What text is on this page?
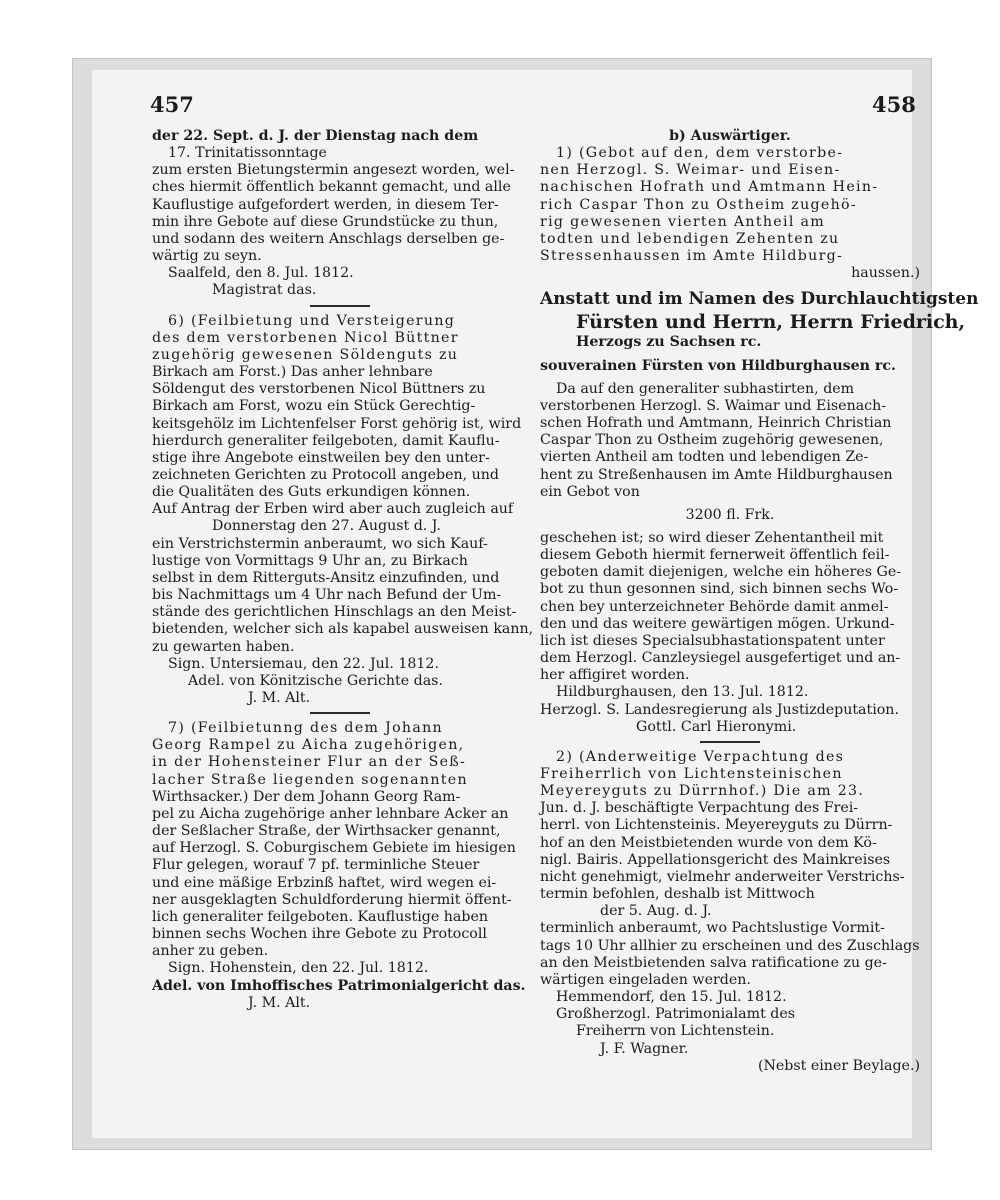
457	458

der 22. Sept. d. J. der Dienstag nach dem

17. Trinitatissonntage

zum ersten Bietungstermin angesezt worden, wel-

ches hiermit öffentlich bekannt gemacht, und alle

Kauflustige aufgefordert werden, in diesem Ter-

min ihre Gebote auf diese Grundstücke zu thun,

und sodann des weitern Anschlags derselben ge-

wärtig zu seyn.

Saalfeld, den 8. Jul. 1812.

Magistrat das.

6) (Feilbietung und Versteigerung

des dem verstorbenen Nicol Büttner

zugehörig gewesenen Söldenguts zu

Birkach am Forst.) Das anher lehnbare

Söldengut des verstorbenen Nicol Büttners zu

Birkach am Forst, wozu ein Stück Gerechtig-

keitsgehölz im Lichtenfelser Forst gehörig ist, wird

hierdurch generaliter feilgeboten, damit Kauflu-

stige ihre Angebote einstweilen bey den unter-

zeichneten Gerichten zu Protocoll angeben, und

die Qualitäten des Guts erkundigen können.

Auf Antrag der Erben wird aber auch zugleich auf

Donnerstag den 27. August d. J.

ein Verstrichstermin anberaumt, wo sich Kauf-

lustige von Vormittags 9 Uhr an, zu Birkach

selbst in dem Ritterguts-Ansitz einzufinden, und

bis Nachmittags um 4 Uhr nach Befund der Um-

stände des gerichtlichen Hinschlags an den Meist-

bietenden, welcher sich als kapabel ausweisen kann,

zu gewarten haben.

Sign. Untersiemau, den 22. Jul. 1812.

Adel. von Könitzische Gerichte das.

J. M. Alt.

7) (Feilbietunng des dem Johann

Georg Rampel zu Aicha zugehörigen,

in der Hohensteiner Flur an der Seß-

lacher Straße liegenden sogenannten

Wirthsacker.) Der dem Johann Georg Ram-

pel zu Aicha zugehörige anher lehnbare Acker an

der Seßlacher Straße, der Wirthsacker genannt,

auf Herzogl. S. Coburgischem Gebiete im hiesigen

Flur gelegen, worauf 7 pf. terminliche Steuer

und eine mäßige Erbzinß haftet, wird wegen ei-

ner ausgeklagten Schuldforderung hiermit öffent-

lich generaliter feilgeboten. Kauflustige haben

binnen sechs Wochen ihre Gebote zu Protocoll

anher zu geben.

Sign. Hohenstein, den 22. Jul. 1812.

Adel. von Imhoffisches Patrimonialgericht das.

J. M. Alt.

b) Auswärtiger.

1) (Gebot auf den, dem verstorbe-

nen Herzogl. S. Weimar- und Eisen-

nachischen Hofrath und Amtmann Hein-

rich Caspar Thon zu Ostheim zugehö-

rig gewesenen vierten Antheil am

todten und lebendigen Zehenten zu

Stressenhaussen im Amte Hildburg-

haussen.)

Anstatt und im Namen des Durchlauchtigsten

Fürsten und Herrn, Herrn Friedrich,

Herzogs zu Sachsen rc.

souverainen Fürsten von Hildburghausen rc.

Da auf den generaliter subhastirten, dem

verstorbenen Herzogl. S. Waimar und Eisenach-

schen Hofrath und Amtmann, Heinrich Christian

Caspar Thon zu Ostheim zugehörig gewesenen,

vierten Antheil am todten und lebendigen Ze-

hent zu Streßenhausen im Amte Hildburghausen

ein Gebot von

3200 fl. Frk.

geschehen ist; so wird dieser Zehentantheil mit

diesem Geboth hiermit fernerweit öffentlich feil-

geboten damit diejenigen, welche ein höheres Ge-

bot zu thun gesonnen sind, sich binnen sechs Wo-

chen bey unterzeichneter Behörde damit anmel-

den und das weitere gewärtigen mögen. Urkund-

lich ist dieses Specialsubhastationspatent unter

dem Herzogl. Canzleysiegel ausgefertiget und an-

her affigiret worden.

Hildburghausen, den 13. Jul. 1812.

Herzogl. S. Landesregierung als Justizdeputation.

Gottl. Carl Hieronymi.

2) (Anderweitige Verpachtung des

Freiherrlich von Lichtensteinischen

Meyereyguts zu Dürrnhof.) Die am 23.

Jun. d. J. beschäftigte Verpachtung des Frei-

herrl. von Lichtensteinis. Meyereyguts zu Dürrn-

hof an den Meistbietenden wurde von dem Kö-

nigl. Bairis. Appellationsgericht des Mainkreises

nicht genehmigt, vielmehr anderweiter Verstrichs-

termin befohlen, deshalb ist Mittwoch

der 5. Aug. d. J.

terminlich anberaumt, wo Pachtslustige Vormit-

tags 10 Uhr allhier zu erscheinen und des Zuschlags

an den Meistbietenden salva ratificatione zu ge-

wärtigen eingeladen werden.

Hemmendorf, den 15. Jul. 1812.

Großherzogl. Patrimonialamt des

Freiherrn von Lichtenstein.

J. F. Wagner.

(Nebst einer Beylage.)
